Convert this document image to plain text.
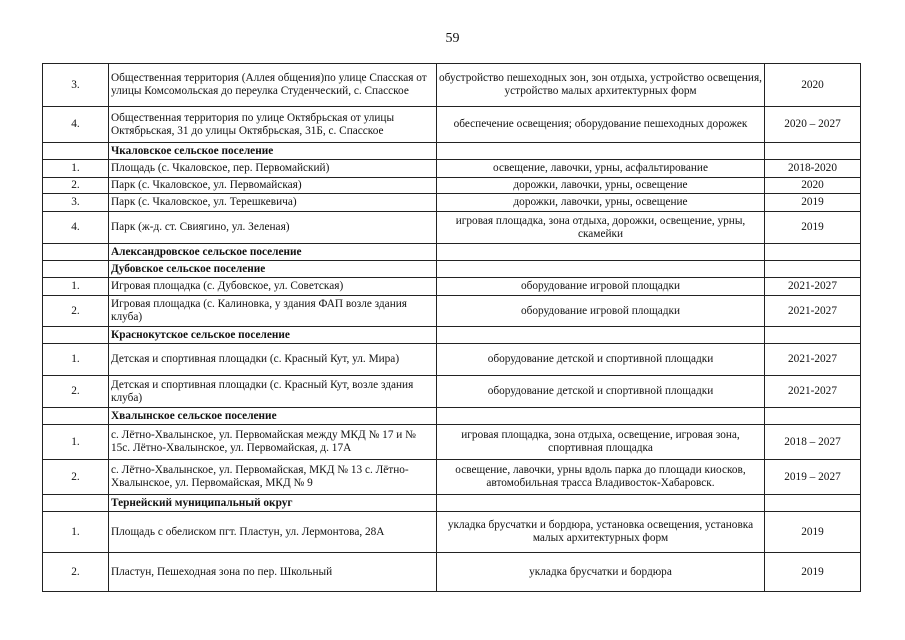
59
3.	Общественная территория (Аллея общения)по улице Спасская от улицы Комсомольская до переулка Студенческий, с. Спасское	обустройство пешеходных зон, зон отдыха, устройство освещения, устройство малых архитектурных форм	2020
4.	Общественная территория по улице Октябрьская от улицы Октябрьская, 31 до улицы Октябрьская, 31Б, с. Спасское	обеспечение освещения; оборудование пешеходных дорожек	2020 – 2027
	Чкаловское сельское поселение		
1.	Площадь (с. Чкаловское, пер. Первомайский)	освещение, лавочки, урны, асфальтирование	2018-2020
2.	Парк (с. Чкаловское, ул. Первомайская)	дорожки, лавочки, урны, освещение	2020
3.	Парк (с. Чкаловское, ул. Терешкевича)	дорожки, лавочки, урны, освещение	2019
4.	Парк (ж-д. ст. Свиягино, ул. Зеленая)	игровая площадка, зона отдыха, дорожки, освещение, урны, скамейки	2019
	Александровское сельское поселение		
	Дубовское сельское поселение		
1.	Игровая площадка (с. Дубовское, ул. Советская)	оборудование игровой площадки	2021-2027
2.	Игровая площадка (с. Калиновка, у здания ФАП возле здания клуба)	оборудование игровой площадки	2021-2027
	Краснокутское сельское поселение		
1.	Детская и спортивная площадки (с. Красный Кут, ул. Мира)	оборудование детской и спортивной площадки	2021-2027
2.	Детская и спортивная площадки (с. Красный Кут, возле здания клуба)	оборудование детской и спортивной площадки	2021-2027
	Хвалынское сельское поселение		
1.	с. Лётно-Хвалынское, ул. Первомайская между МКД № 17 и № 15с. Лётно-Хвалынское, ул. Первомайская, д. 17А	игровая площадка, зона отдыха, освещение, игровая зона, спортивная площадка	2018 – 2027
2.	с. Лётно-Хвалынское, ул. Первомайская, МКД № 13 с. Лётно-Хвалынское, ул. Первомайская, МКД № 9	освещение, лавочки, урны вдоль парка до площади киосков, автомобильная трасса Владивосток-Хабаровск.	2019 – 2027
	Тернейский муниципальный округ		
1.	Площадь с обелиском пгт. Пластун, ул. Лермонтова, 28А	укладка брусчатки и бордюра, установка освещения, установка малых архитектурных форм	2019
2.	Пластун, Пешеходная зона по пер. Школьный	укладка брусчатки и бордюра	2019
